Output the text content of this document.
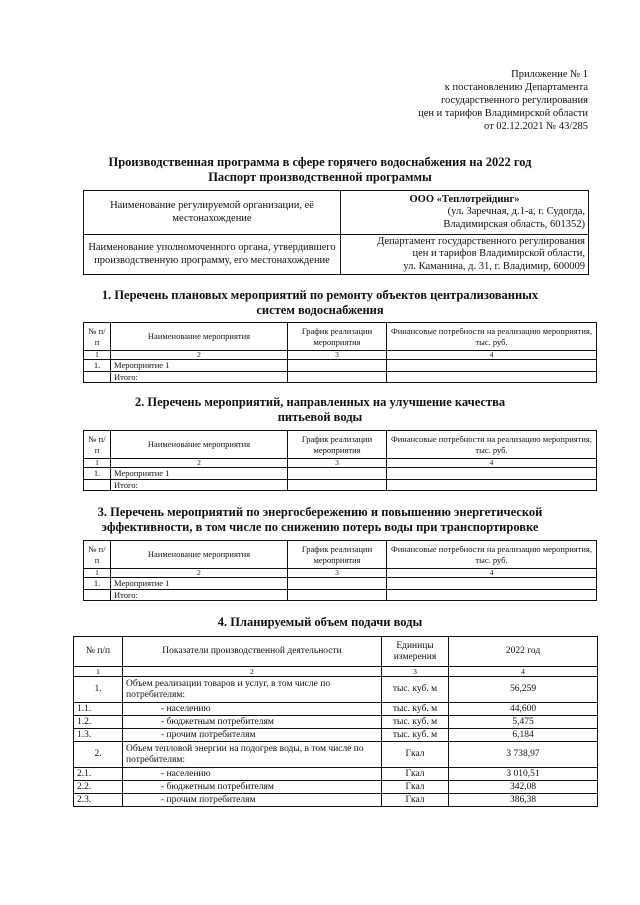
Приложение № 1
к постановлению Департамента
государственного регулирования
цен и тарифов Владимирской области
от 02.12.2021 № 43/285
Производственная программа в сфере горячего водоснабжения на 2022 год
Паспорт производственной программы
Наименование регулируемой организации, её местонахождение	ООО «Теплотрейдинг»
(ул. Заречная, д.1-а, г. Судогда,
Владимирская область, 601352)

Наименование уполномоченного органа, утвердившего производственную программу, его местонахождение	Департамент государственного регулирования
цен и тарифов Владимирской области,
ул. Каманина, д. 31, г. Владимир, 600009
1. Перечень плановых мероприятий по ремонту объектов централизованных
систем водоснабжения
№ п/п	Наименование мероприятия	График реализации мероприятия	Финансовые потребности на реализацию мероприятия, тыс. руб.
1	2	3	4
1.	Мероприятие 1		
	Итого:		
2. Перечень мероприятий, направленных на улучшение качества
питьевой воды
№ п/п	Наименование мероприятия	График реализации мероприятия	Финансовые потребности на реализацию мероприятия, тыс. руб.
1	2	3	4
1.	Мероприятие 1		
	Итого:		
3. Перечень мероприятий по энергосбережению и повышению энергетической
эффективности, в том числе по снижению потерь воды при транспортировке
№ п/п	Наименование мероприятия	График реализации мероприятия	Финансовые потребности на реализацию мероприятия, тыс. руб.
1	2	3	4
1.	Мероприятие 1		
	Итого:		
4. Планируемый объем подачи воды
№ п/п	Показатели производственной деятельности	Единицы измерения	2022 год
1	2	3	4
1.	Объем реализации товаров и услуг, в том числе по потребителям:	тыс. куб. м	56,259
1.1.	- населению	тыс. куб. м	44,600
1.2.	- бюджетным потребителям	тыс. куб. м	5,475
1.3.	- прочим потребителям	тыс. куб. м	6,184
2.	Объем тепловой энергии на подогрев воды, в том числе по потребителям:	Гкал	3 738,97
2.1.	- населению	Гкал	3 010,51
2.2.	- бюджетным потребителям	Гкал	342,08
2.3.	- прочим потребителям	Гкал	386,38
